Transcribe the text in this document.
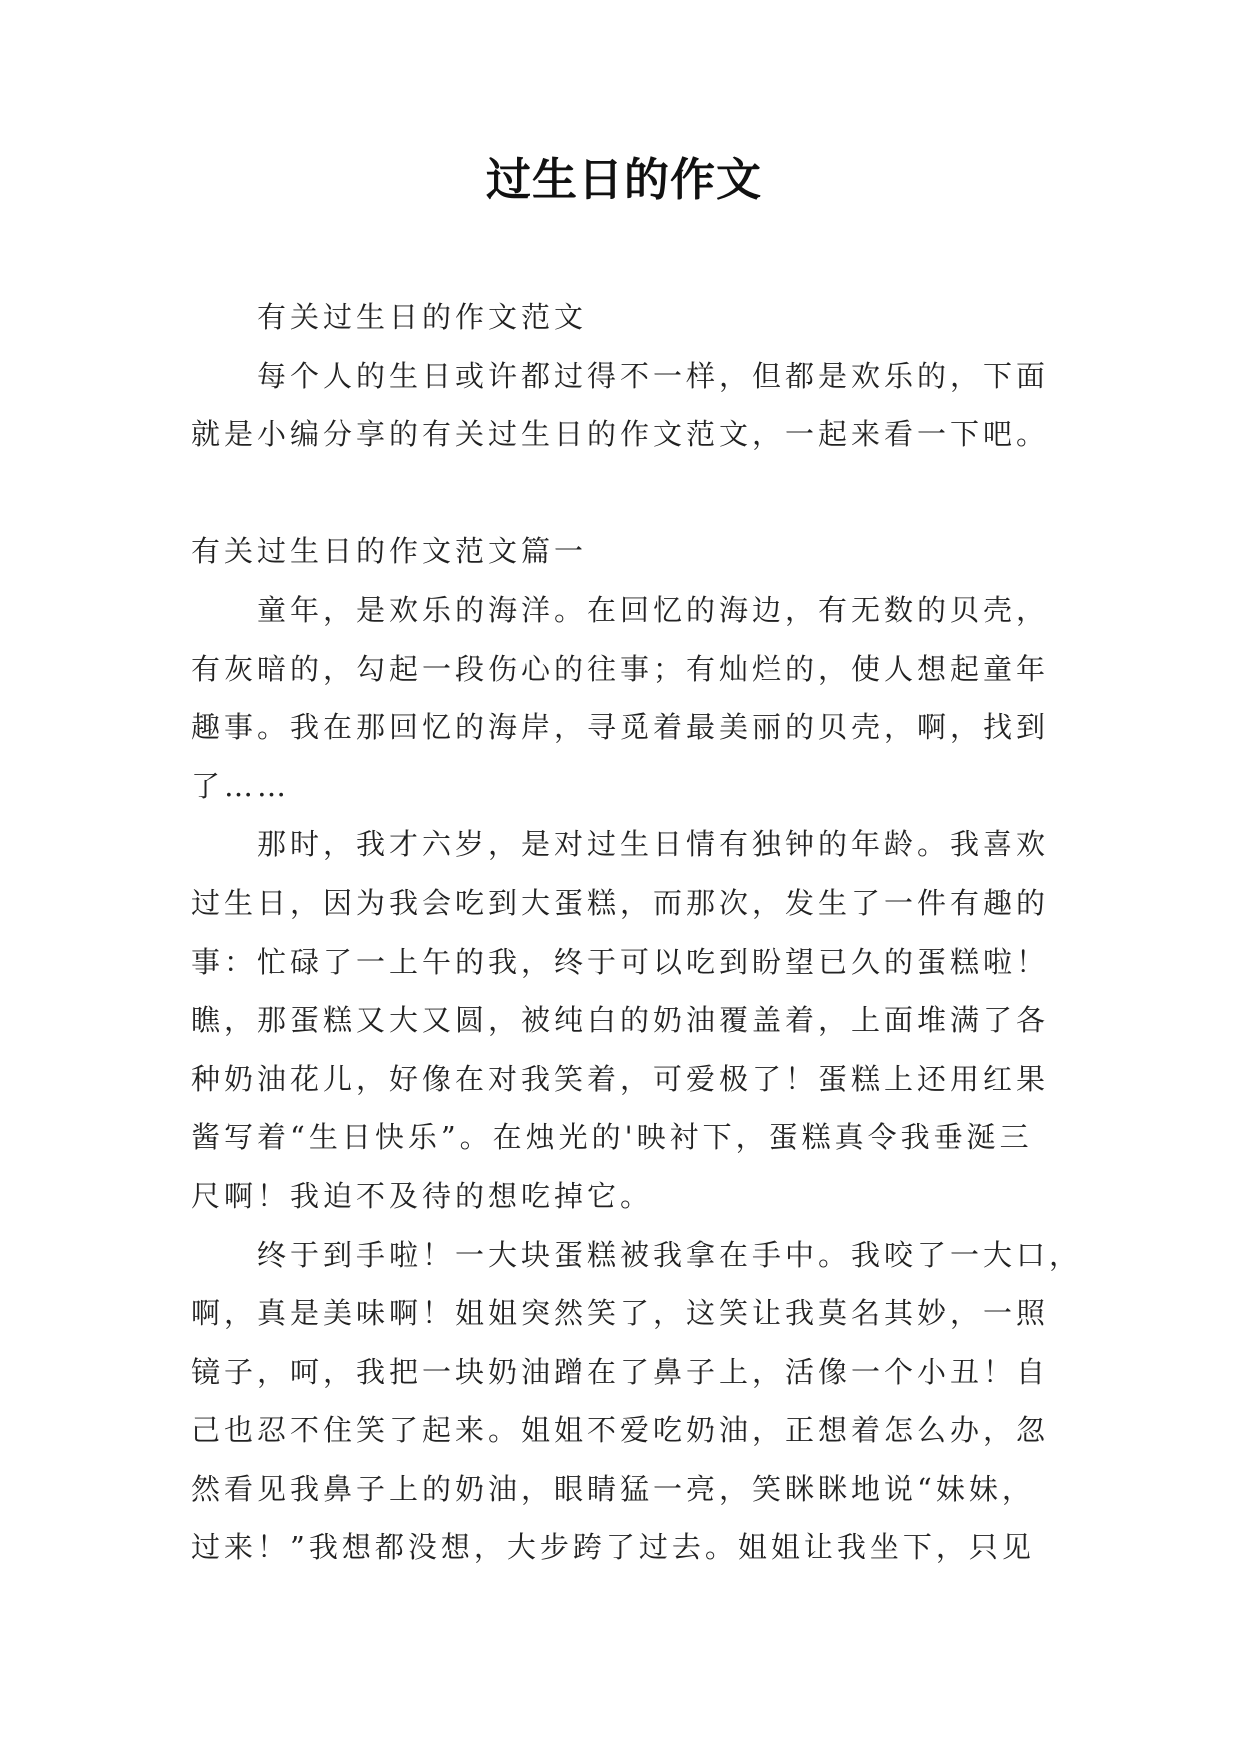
过生日的作文
有关过生日的作文范文
每个人的生日或许都过得不一样，但都是欢乐的，下面
就是小编分享的有关过生日的作文范文，一起来看一下吧。
有关过生日的作文范文篇一
童年，是欢乐的海洋。在回忆的海边，有无数的贝壳，
有灰暗的，勾起一段伤心的往事；有灿烂的，使人想起童年
趣事。我在那回忆的海岸，寻觅着最美丽的贝壳，啊，找到
了……
那时，我才六岁，是对过生日情有独钟的年龄。我喜欢
过生日，因为我会吃到大蛋糕，而那次，发生了一件有趣的
事：忙碌了一上午的我，终于可以吃到盼望已久的蛋糕啦！
瞧，那蛋糕又大又圆，被纯白的奶油覆盖着，上面堆满了各
种奶油花儿，好像在对我笑着，可爱极了！蛋糕上还用红果
酱写着“生日快乐”。在烛光的'映衬下，蛋糕真令我垂涎三
尺啊！我迫不及待的想吃掉它。
终于到手啦！一大块蛋糕被我拿在手中。我咬了一大口，
啊，真是美味啊！姐姐突然笑了，这笑让我莫名其妙，一照
镜子，呵，我把一块奶油蹭在了鼻子上，活像一个小丑！自
己也忍不住笑了起来。姐姐不爱吃奶油，正想着怎么办，忽
然看见我鼻子上的奶油，眼睛猛一亮，笑眯眯地说“妹妹，
过来！”我想都没想，大步跨了过去。姐姐让我坐下，只见
